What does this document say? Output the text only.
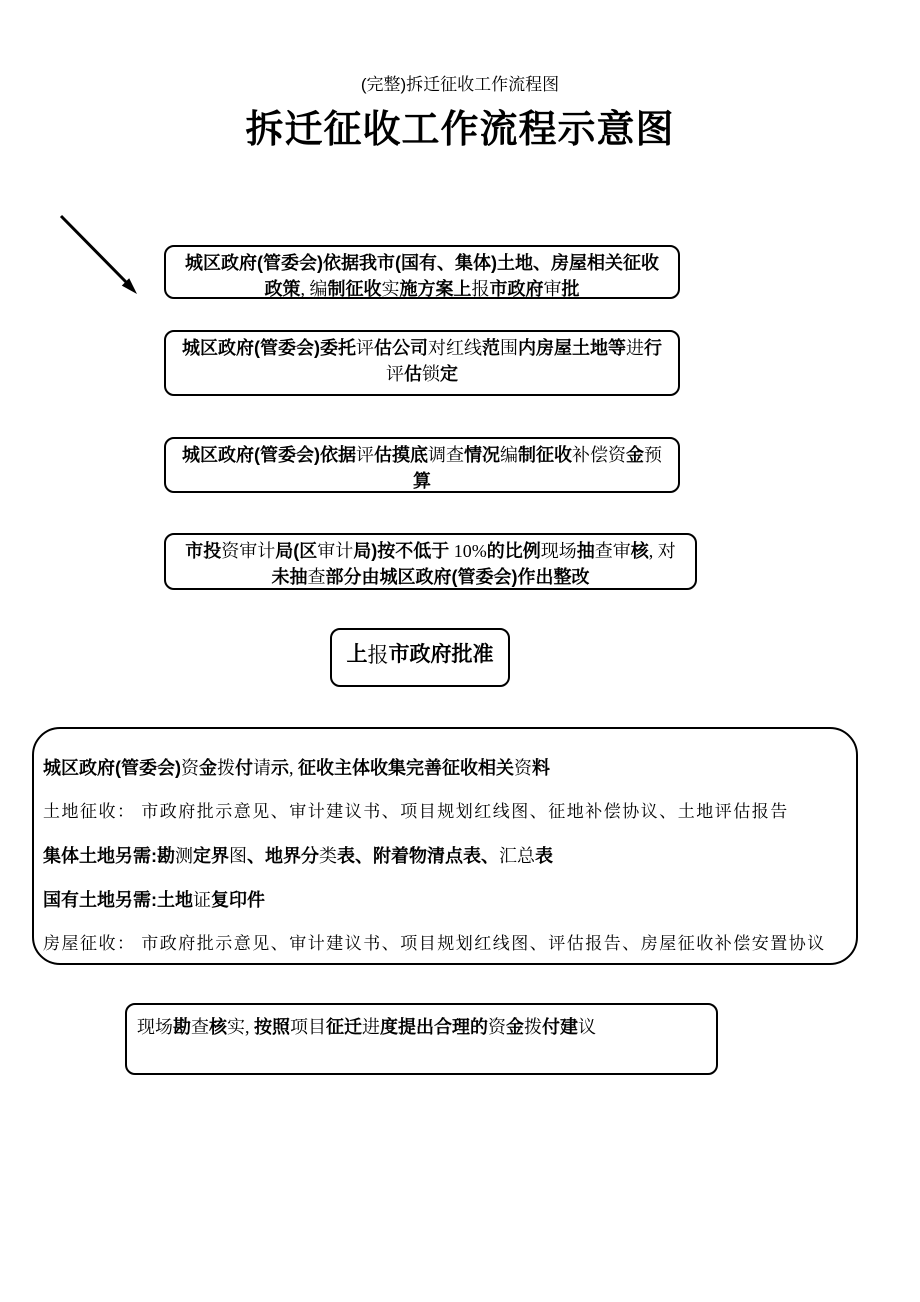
(完整)拆迁征收工作流程图
拆迁征收工作流程示意图
城区政府(管委会)依据我市(国有、集体)土地、房屋相关征收
政策, 编制征收实施方案上报市政府审批
城区政府(管委会)委托评估公司对红线范围内房屋土地等进行
评估锁定
城区政府(管委会)依据评估摸底调查情况编制征收补偿资金预
算
市投资审计局(区审计局)按不低于 10%的比例现场抽查审核, 对
未抽查部分由城区政府(管委会)作出整改
上 报 市政府批准
城区政府(管委会)资金拨付请示, 征收主体收集完善征收相关资料
土地征收： 市政府批示意见、审计建议书、项目规划红线图、征地补偿协议、土地评估报告
集体土地另需:勘测定界图、地界分类表、附着物清点表、汇总表
国有土地另需:土地证复印件
房屋征收： 市政府批示意见、审计建议书、项目规划红线图、评估报告、房屋征收补偿安置协议
现场勘查核实, 按照项目征迁进度提出合理的资金拨付建议
